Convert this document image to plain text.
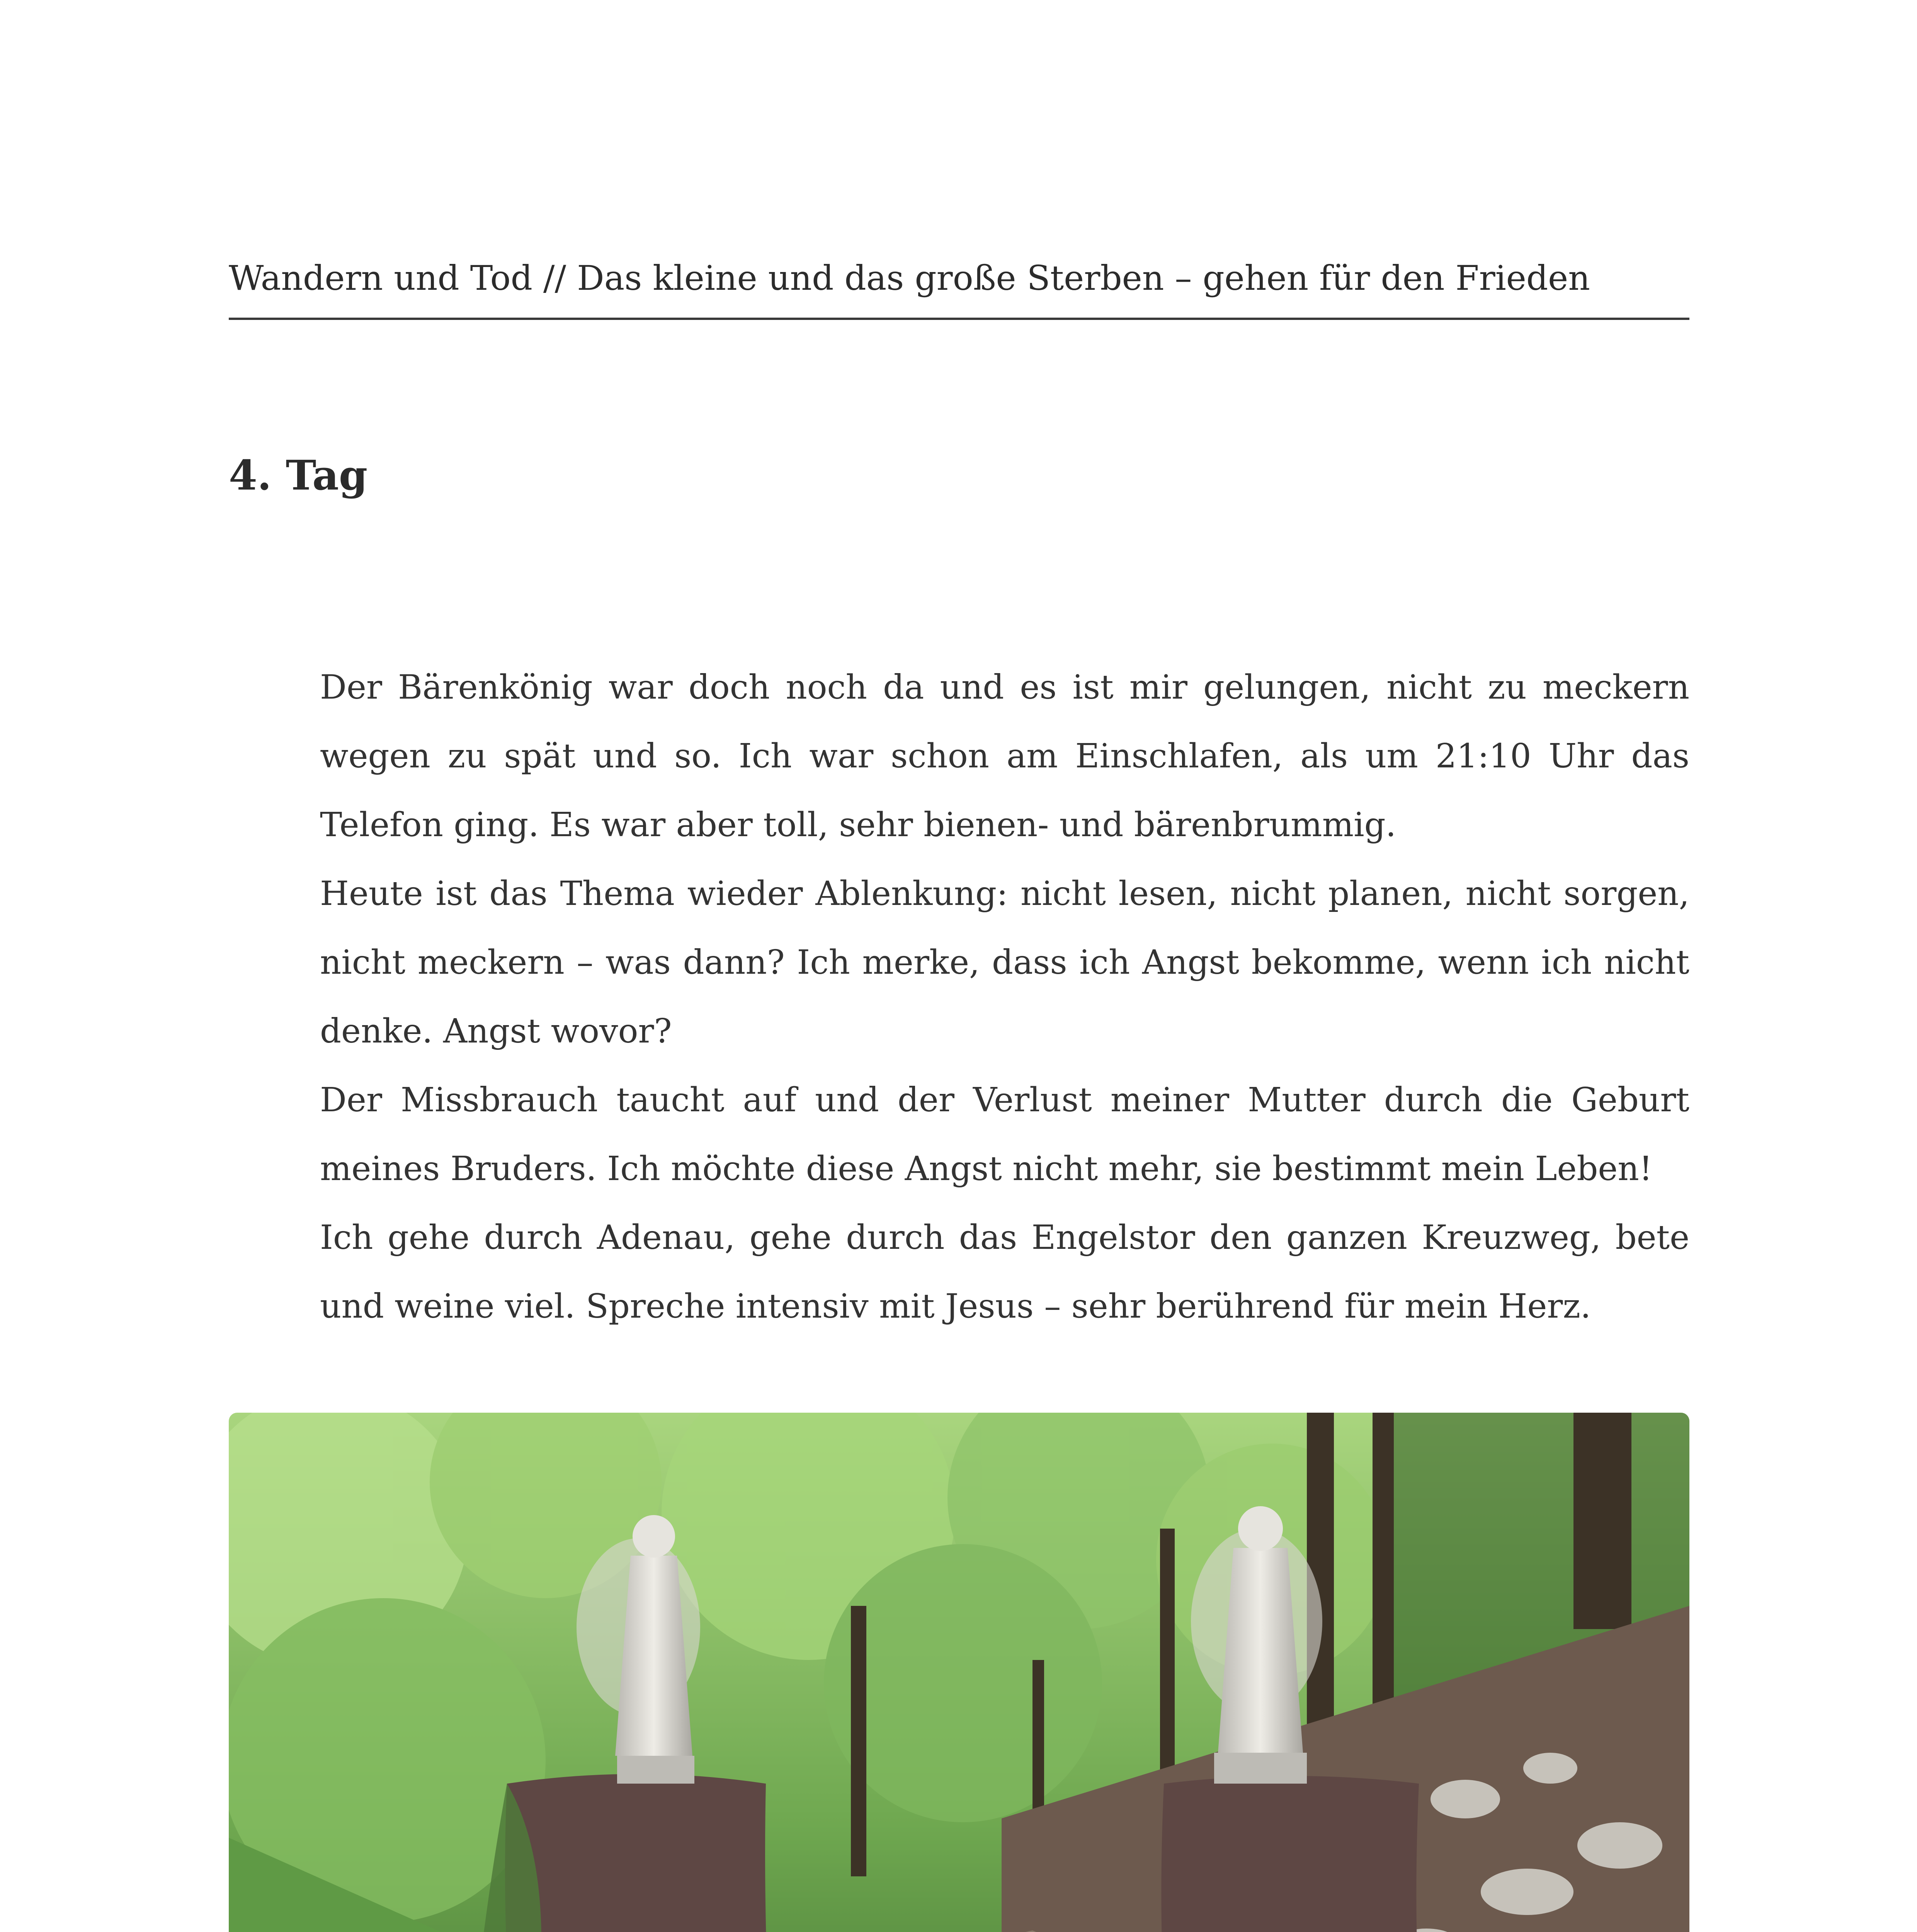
Wandern und Tod // Das kleine und das große Sterben – gehen für den Frieden
4. Tag

Der Bärenkönig war doch noch da und es ist mir gelungen, nicht zu meckern wegen zu spät und so. Ich war schon am Einschlafen, als um 21:10 Uhr das Telefon ging. Es war aber toll, sehr bienen- und bärenbrummig.

Heute ist das Thema wieder Ablenkung: nicht lesen, nicht planen, nicht sorgen, nicht meckern – was dann? Ich merke, dass ich Angst bekomme, wenn ich nicht denke. Angst wovor?

Der Missbrauch taucht auf und der Verlust meiner Mutter durch die Geburt meines Bruders. Ich möchte diese Angst nicht mehr, sie bestimmt mein Leben!

Ich gehe durch Adenau, gehe durch das Engelstor den ganzen Kreuzweg, bete und weine viel. Spreche intensiv mit Jesus – sehr berührend für mein Herz.
